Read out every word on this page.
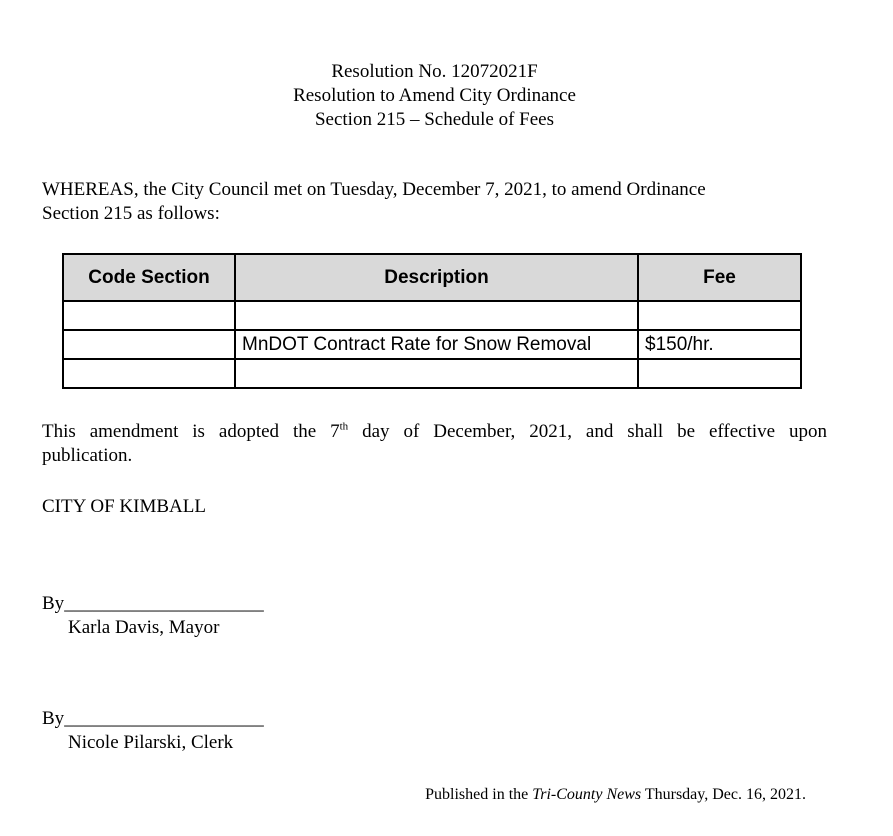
Resolution No. 12072021F
Resolution to Amend City Ordinance
Section 215 – Schedule of Fees
WHEREAS, the City Council met on Tuesday, December 7, 2021, to amend Ordinance
Section 215 as follows:
Code Section	Description	Fee

	MnDOT Contract Rate for Snow Removal	$150/hr.

This amendment is adopted the 7th day of December, 2021, and shall be effective upon
publication.
CITY OF KIMBALL
By_____________________
Karla Davis, Mayor
By_____________________
Nicole Pilarski, Clerk
Published in the Tri-County News Thursday, Dec. 16, 2021.
